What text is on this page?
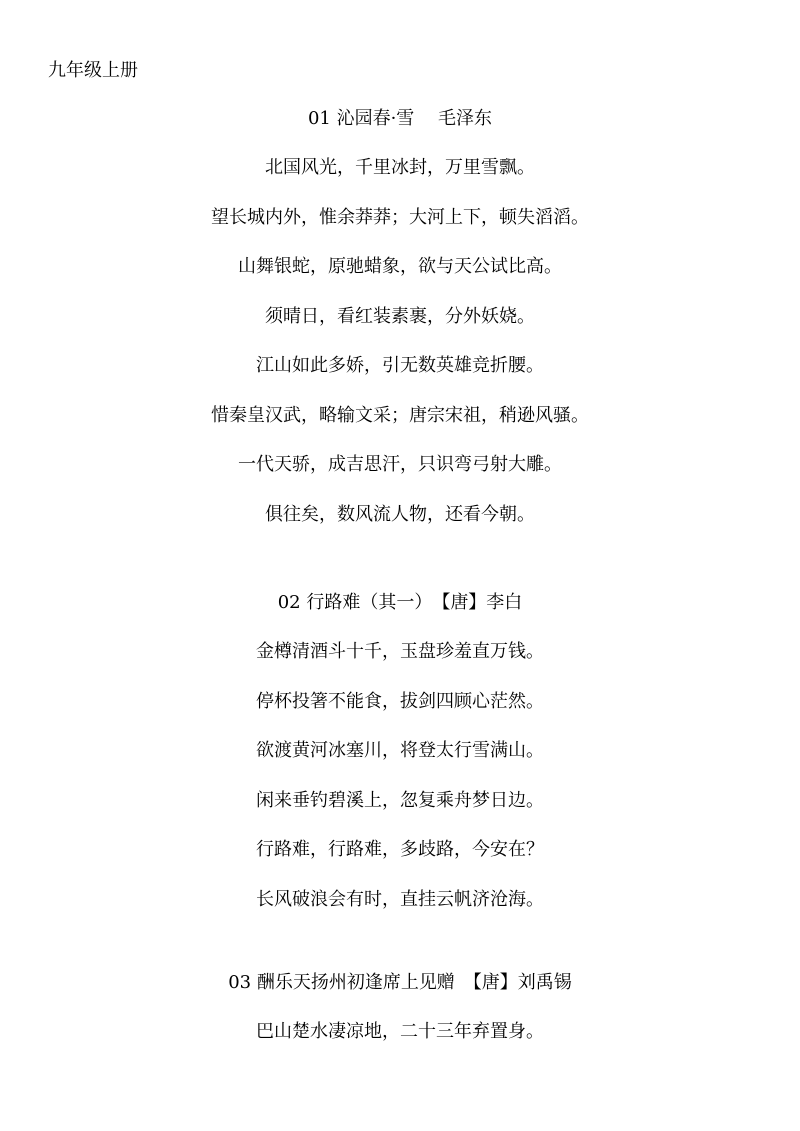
九年级上册
01 沁园春·雪　 毛泽东
北国风光，千里冰封，万里雪飘。
望长城内外，惟余莽莽；大河上下，顿失滔滔。
山舞银蛇，原驰蜡象，欲与天公试比高。
须晴日，看红装素裹，分外妖娆。
江山如此多娇，引无数英雄竞折腰。
惜秦皇汉武，略输文采；唐宗宋祖，稍逊风骚。
一代天骄，成吉思汗，只识弯弓射大雕。
俱往矣，数风流人物，还看今朝。
02 行路难（其一）　【唐】李白
金樽清酒斗十千，玉盘珍羞直万钱。
停杯投箸不能食，拔剑四顾心茫然。
欲渡黄河冰塞川，将登太行雪满山。
闲来垂钓碧溪上，忽复乘舟梦日边。
行路难，行路难，多歧路，今安在？
长风破浪会有时，直挂云帆济沧海。
03 酬乐天扬州初逢席上见赠　【唐】刘禹锡
巴山楚水凄凉地，二十三年弃置身。
